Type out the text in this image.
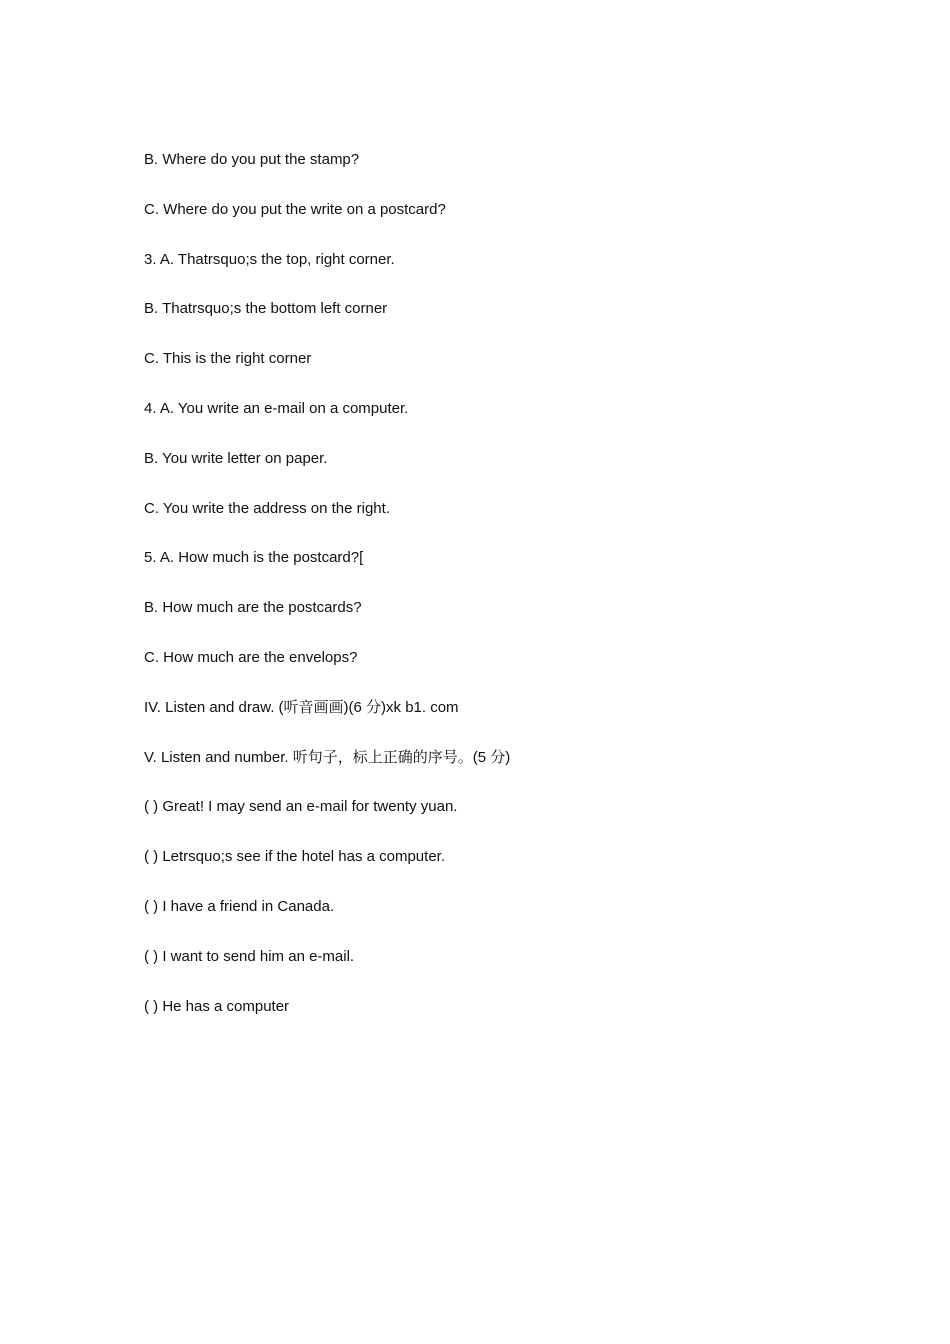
B. Where do you put the stamp?
C. Where do you put the write on a postcard?
3. A. Thatrsquo;s the top, right corner.
B. Thatrsquo;s the bottom left corner
C. This is the right corner
4. A. You write an e-mail on a computer.
B. You write letter on paper.
C. You write the address on the right.
5. A. How much is the postcard?[
B. How much are the postcards?
C. How much are the envelops?
IV. Listen and draw. (听音画画)(6 分)xk b1. com
V. Listen and number. 听句子，标上正确的序号。(5 分)
( ) Great! I may send an e-mail for twenty yuan.
( ) Letrsquo;s see if the hotel has a computer.
( ) I have a friend in Canada.
( ) I want to send him an e-mail.
( ) He has a computer
